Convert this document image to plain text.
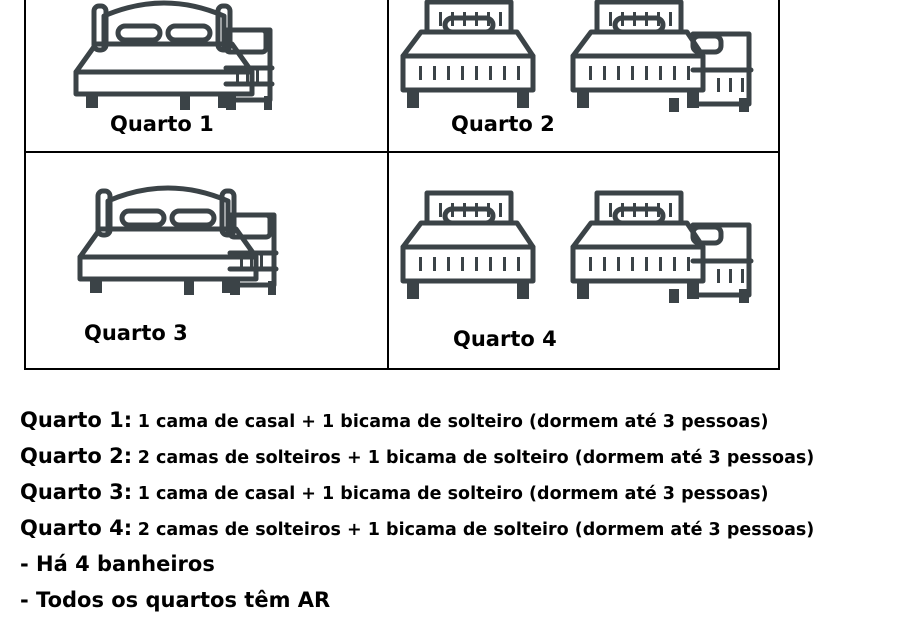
Quarto 1	Quarto 2
Quarto 3	Quarto 4
Quarto 1: 1 cama de casal + 1 bicama de solteiro (dormem até 3 pessoas)
Quarto 2: 2 camas de solteiros + 1 bicama de solteiro (dormem até 3 pessoas)
Quarto 3: 1 cama de casal + 1 bicama de solteiro (dormem até 3 pessoas)
Quarto 4: 2 camas de solteiros + 1 bicama de solteiro (dormem até 3 pessoas)
- Há 4 banheiros
- Todos os quartos têm AR
